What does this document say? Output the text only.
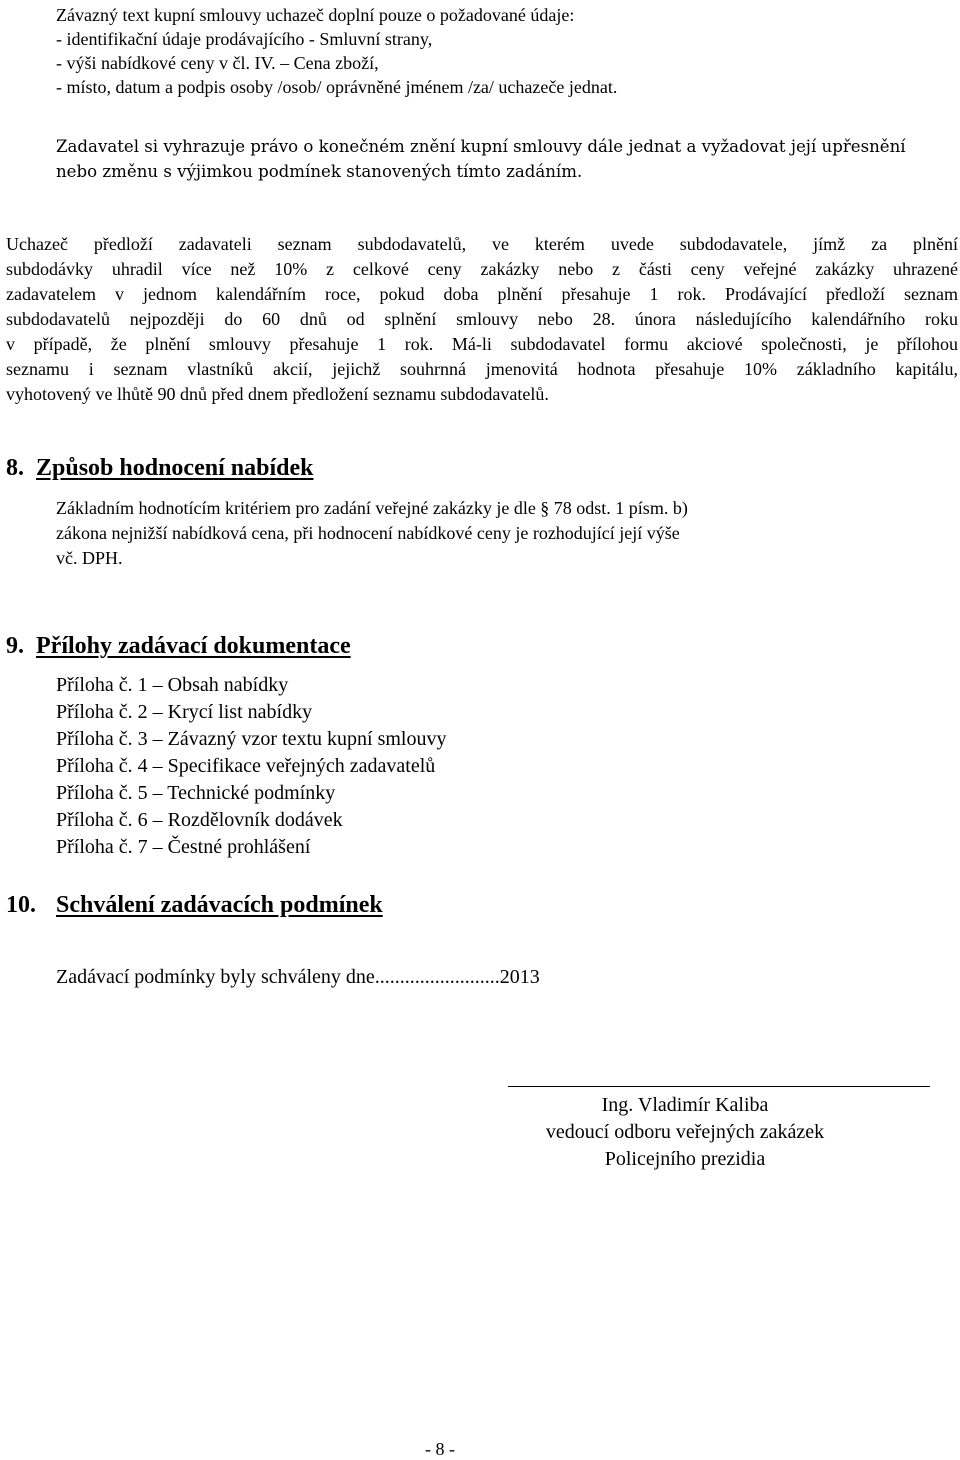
Závazný text kupní smlouvy uchazeč doplní pouze o požadované údaje:
- identifikační údaje prodávajícího - Smluvní strany,
- výši nabídkové ceny v čl. IV. – Cena zboží,
- místo, datum a podpis osoby /osob/ oprávněné jménem /za/ uchazeče jednat.
Zadavatel si vyhrazuje právo o konečném znění kupní smlouvy dále jednat a vyžadovat její upřesnění
nebo změnu s výjimkou podmínek stanovených tímto zadáním.
Uchazeč předloží zadavateli seznam subdodavatelů, ve kterém uvede subdodavatele, jímž za plnění
subdodávky uhradil více než 10% z celkové ceny zakázky nebo z části ceny veřejné zakázky uhrazené
zadavatelem v jednom kalendářním roce, pokud doba plnění přesahuje 1 rok. Prodávající předloží seznam
subdodavatelů nejpozději do 60 dnů od splnění smlouvy nebo 28. února následujícího kalendářního roku
v případě, že plnění smlouvy přesahuje 1 rok. Má-li subdodavatel formu akciové společnosti, je přílohou
seznamu i seznam vlastníků akcií, jejichž souhrnná jmenovitá hodnota přesahuje 10% základního kapitálu,
vyhotovený ve lhůtě 90 dnů před dnem předložení seznamu subdodavatelů.
8. Způsob hodnocení nabídek
Základním hodnotícím kritériem pro zadání veřejné zakázky je dle § 78 odst. 1 písm. b)
zákona nejnižší nabídková cena, při hodnocení nabídkové ceny je rozhodující její výše
vč. DPH.
9. Přílohy zadávací dokumentace
Příloha č. 1 – Obsah nabídky
Příloha č. 2 – Krycí list nabídky
Příloha č. 3 – Závazný vzor textu kupní smlouvy
Příloha č. 4 – Specifikace veřejných zadavatelů
Příloha č. 5 – Technické podmínky
Příloha č. 6 – Rozdělovník dodávek
Příloha č. 7 – Čestné prohlášení
10. Schválení zadávacích podmínek
Zadávací podmínky byly schváleny dne.........................2013
Ing. Vladimír Kaliba
vedoucí odboru veřejných zakázek
Policejního prezidia
- 8 -
